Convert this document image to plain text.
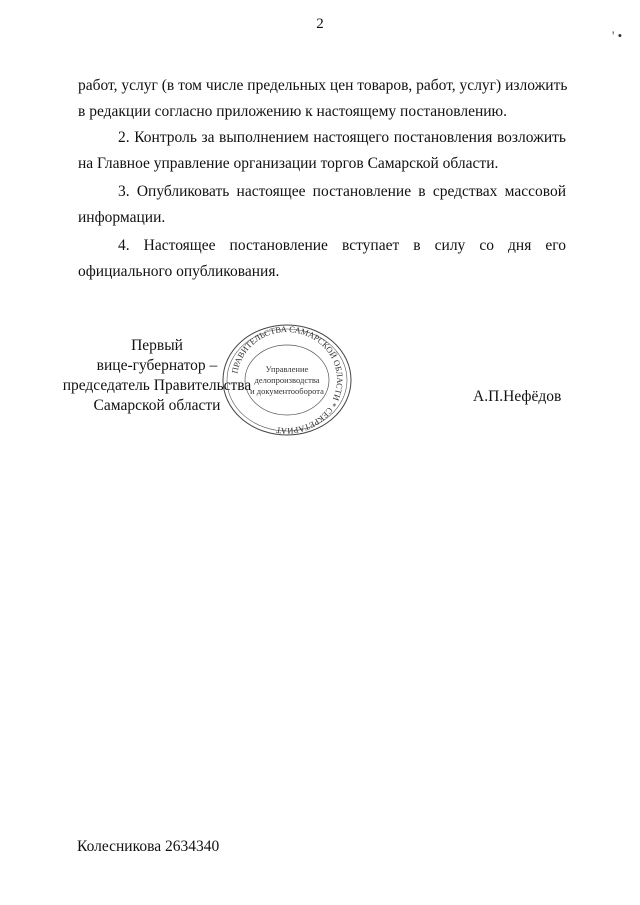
2
' •

работ, услуг (в том числе предельных цен товаров, работ, услуг) изложить

в редакции согласно приложению к настоящему постановлению.

2. Контроль за выполнением настоящего постановления возложить

на Главное управление организации торгов Самарской области.

3. Опубликовать настоящее постановление в средствах массовой

информации.

4. Настоящее постановление вступает в силу со дня его

официального опубликования.

Первый
вице-губернатор –
председатель Правительства
Самарской области
ПРАВИТЕЛЬСТВА САМАРСКОЙ ОБЛАСТИ * СЕКРЕТАРИАТ
Управление
делопроизводства
и документооборота	А.П.Нефёдов
Колесникова 2634340
